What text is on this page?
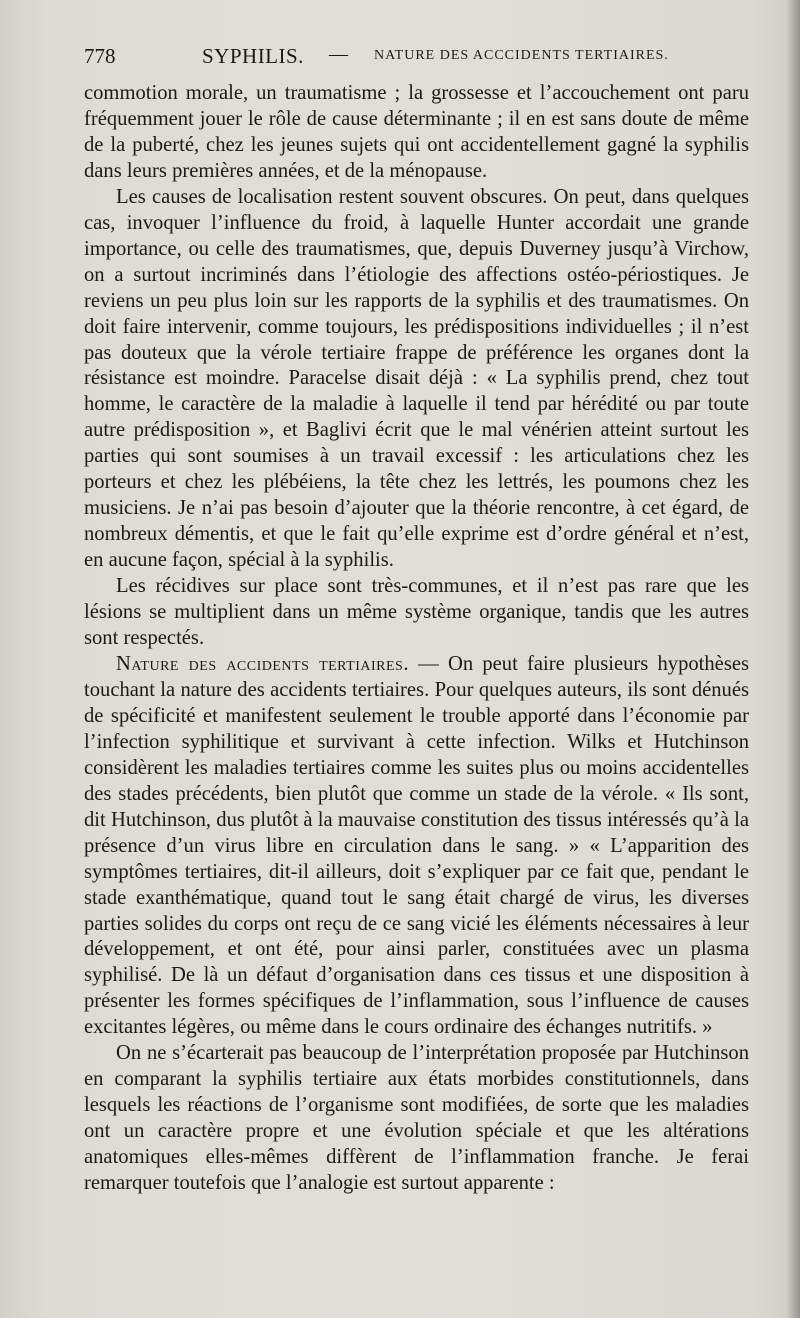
778	SYPHILIS. — NATURE DES ACCCIDENTS TERTIAIRES.

commotion morale, un traumatisme ; la grossesse et l’accouchement ont paru fréquemment jouer le rôle de cause déterminante ; il en est sans doute de même de la puberté, chez les jeunes sujets qui ont accidentellement gagné la syphilis dans leurs premières années, et de la ménopause.

Les causes de localisation restent souvent obscures. On peut, dans quelques cas, invoquer l’influence du froid, à laquelle Hunter accordait une grande importance, ou celle des traumatismes, que, depuis Duverney jusqu’à Virchow, on a surtout incriminés dans l’étiologie des affections ostéo-périostiques. Je reviens un peu plus loin sur les rapports de la syphilis et des traumatismes. On doit faire intervenir, comme toujours, les prédispositions individuelles ; il n’est pas douteux que la vérole tertiaire frappe de préférence les organes dont la résistance est moindre. Paracelse disait déjà : « La syphilis prend, chez tout homme, le caractère de la maladie à laquelle il tend par hérédité ou par toute autre prédisposition », et Baglivi écrit que le mal vénérien atteint surtout les parties qui sont soumises à un travail excessif : les articulations chez les porteurs et chez les plébéiens, la tête chez les lettrés, les poumons chez les musiciens. Je n’ai pas besoin d’ajouter que la théorie rencontre, à cet égard, de nombreux démentis, et que le fait qu’elle exprime est d’ordre général et n’est, en aucune façon, spécial à la syphilis.

Les récidives sur place sont très-communes, et il n’est pas rare que les lésions se multiplient dans un même système organique, tandis que les autres sont respectés.

Nature des accidents tertiaires. — On peut faire plusieurs hypothèses touchant la nature des accidents tertiaires. Pour quelques auteurs, ils sont dénués de spécificité et manifestent seulement le trouble apporté dans l’économie par l’infection syphilitique et survivant à cette infection. Wilks et Hutchinson considèrent les maladies tertiaires comme les suites plus ou moins accidentelles des stades précédents, bien plutôt que comme un stade de la vérole. « Ils sont, dit Hutchinson, dus plutôt à la mauvaise constitution des tissus intéressés qu’à la présence d’un virus libre en circulation dans le sang. » « L’apparition des symptômes tertiaires, dit-il ailleurs, doit s’expliquer par ce fait que, pendant le stade exanthématique, quand tout le sang était chargé de virus, les diverses parties solides du corps ont reçu de ce sang vicié les éléments nécessaires à leur développement, et ont été, pour ainsi parler, constituées avec un plasma syphilisé. De là un défaut d’organisation dans ces tissus et une disposition à présenter les formes spécifiques de l’inflammation, sous l’influence de causes excitantes légères, ou même dans le cours ordinaire des échanges nutritifs. »

On ne s’écarterait pas beaucoup de l’interprétation proposée par Hutchinson en comparant la syphilis tertiaire aux états morbides constitutionnels, dans lesquels les réactions de l’organisme sont modifiées, de sorte que les maladies ont un caractère propre et une évolution spéciale et que les altérations anatomiques elles-mêmes diffèrent de l’inflammation franche. Je ferai remarquer toutefois que l’analogie est surtout apparente :
